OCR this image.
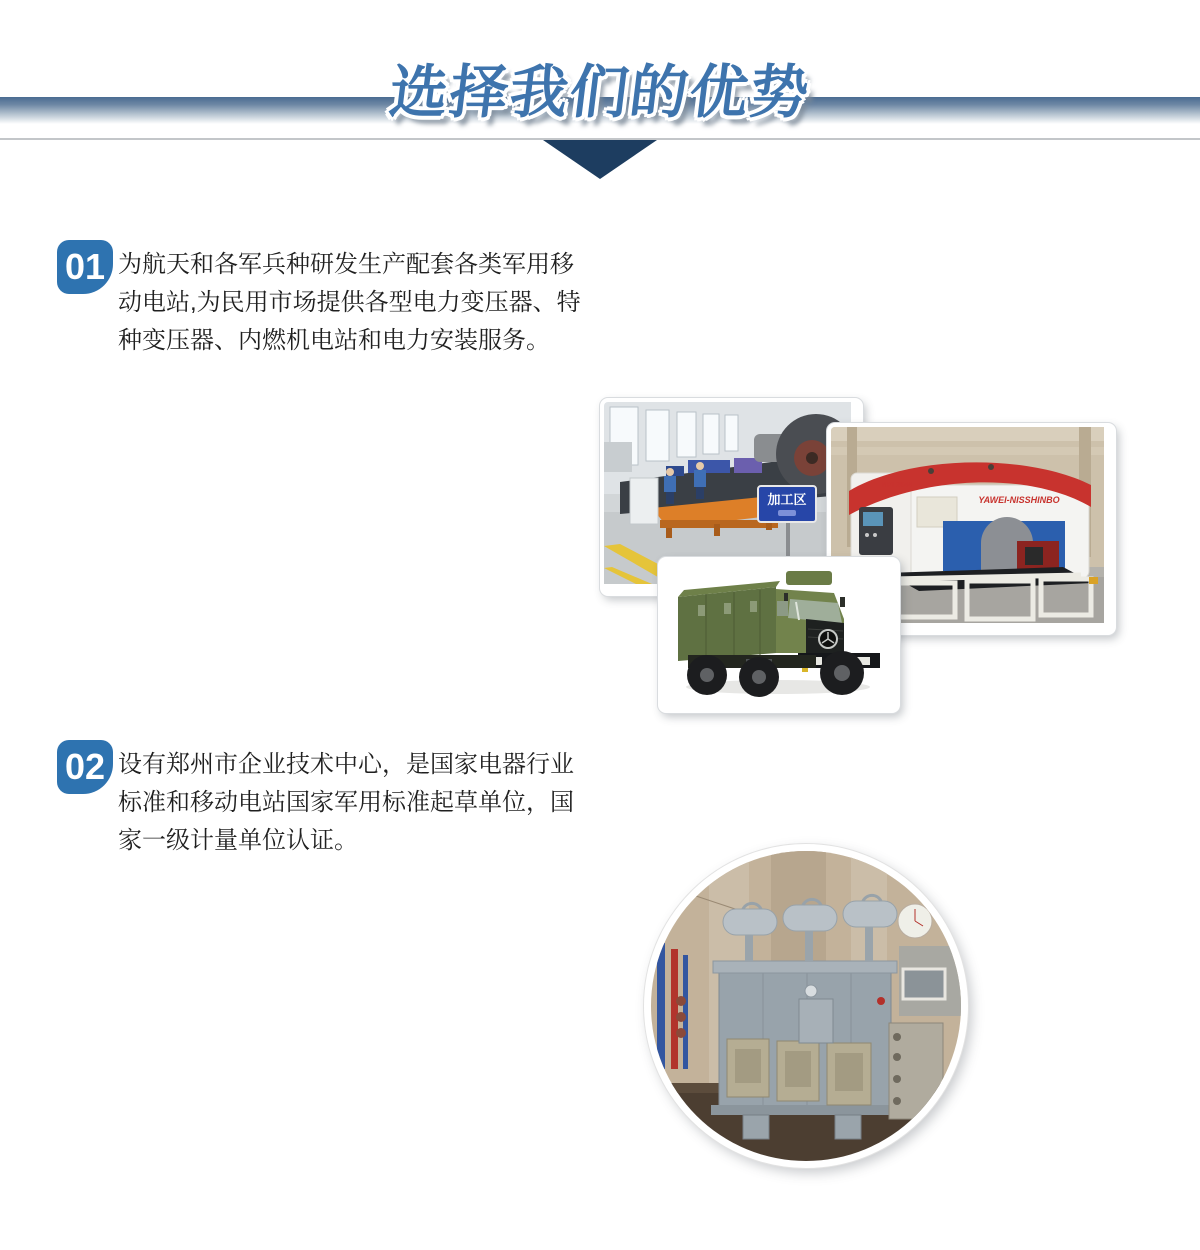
选择我们的优势
01 为航天和各军兵种研发生产配套各类军用移
动电站,为民用市场提供各型电力变压器、特
种变压器、内燃机电站和电力安装服务。
加工区	YAWEI-NISSHINBO
NPI-2044
02 设有郑州市企业技术中心，是国家电器行业
标准和移动电站国家军用标准起草单位，国
家一级计量单位认证。
